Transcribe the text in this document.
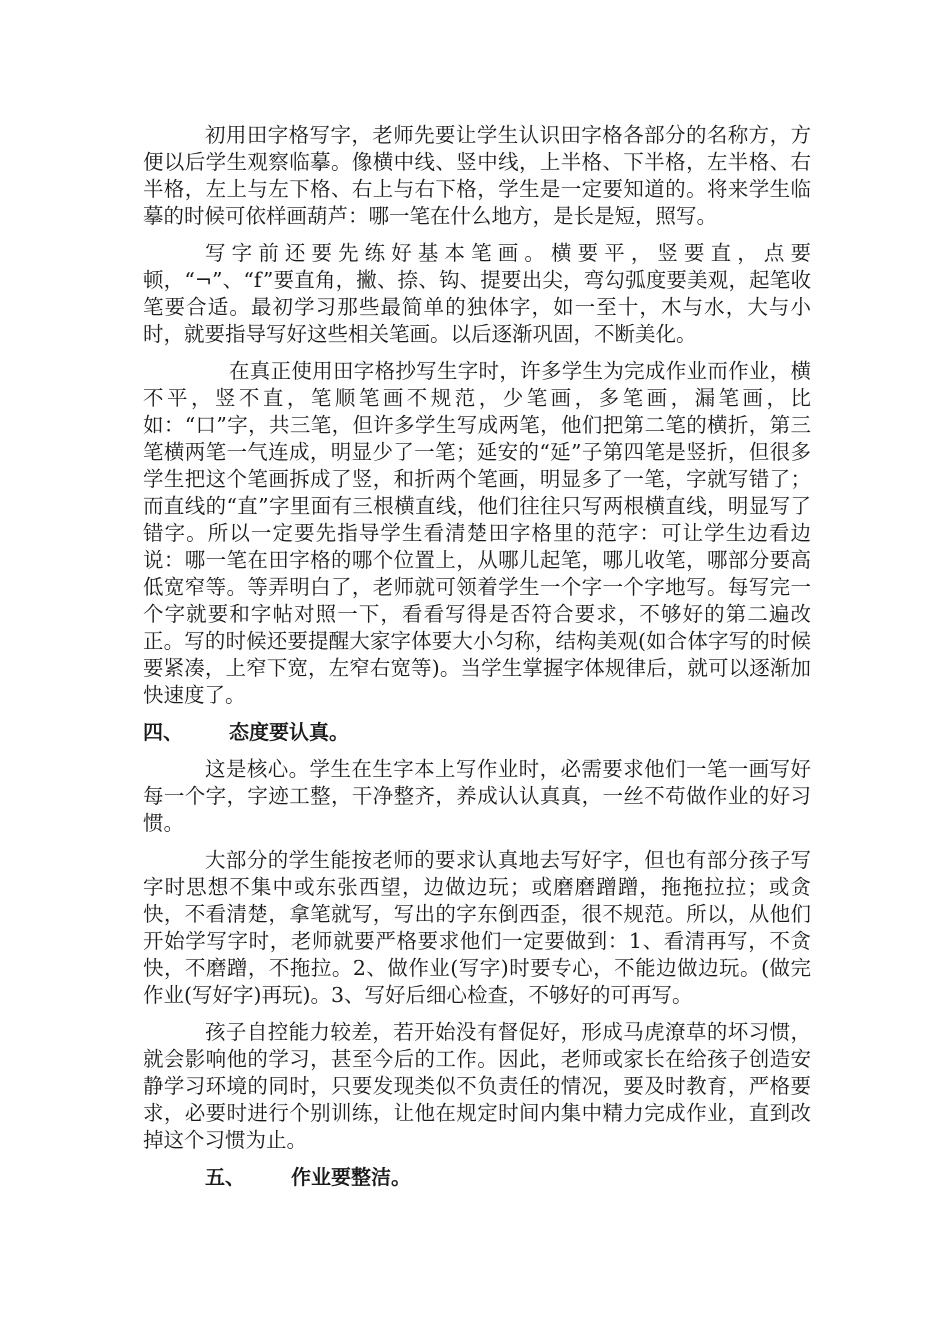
初用田字格写字，老师先要让学生认识田字格各部分的名称方，方便以后学生观察临摹。像横中线、竖中线，上半格、下半格，左半格、右半格，左上与左下格、右上与右下格，学生是一定要知道的。将来学生临摹的时候可依样画葫芦：哪一笔在什么地方，是长是短，照写。

写字前还要先练好基本笔画。横要平，竖要直，点要顿，“¬”、“f”要直角，撇、捺、钩、提要出尖，弯勾弧度要美观，起笔收笔要合适。最初学习那些最简单的独体字，如一至十，木与水，大与小时，就要指导写好这些相关笔画。以后逐渐巩固，不断美化。

在真正使用田字格抄写生字时，许多学生为完成作业而作业，横不平，竖不直，笔顺笔画不规范，少笔画，多笔画，漏笔画，比如：“口”字，共三笔，但许多学生写成两笔，他们把第二笔的横折，第三笔横两笔一气连成，明显少了一笔；延安的“延”子第四笔是竖折，但很多学生把这个笔画拆成了竖，和折两个笔画，明显多了一笔，字就写错了；而直线的“直”字里面有三根横直线，他们往往只写两根横直线，明显写了错字。所以一定要先指导学生看清楚田字格里的范字：可让学生边看边说：哪一笔在田字格的哪个位置上，从哪儿起笔，哪儿收笔，哪部分要高低宽窄等。等弄明白了，老师就可领着学生一个字一个字地写。每写完一个字就要和字帖对照一下，看看写得是否符合要求，不够好的第二遍改正。写的时候还要提醒大家字体要大小匀称，结构美观(如合体字写的时候要紧凑，上窄下宽，左窄右宽等)。当学生掌握字体规律后，就可以逐渐加快速度了。

四、 态度要认真。

这是核心。学生在生字本上写作业时，必需要求他们一笔一画写好每一个字，字迹工整，干净整齐，养成认认真真，一丝不苟做作业的好习惯。

大部分的学生能按老师的要求认真地去写好字，但也有部分孩子写字时思想不集中或东张西望，边做边玩；或磨磨蹭蹭，拖拖拉拉；或贪快，不看清楚，拿笔就写，写出的字东倒西歪，很不规范。所以，从他们开始学写字时，老师就要严格要求他们一定要做到：1、看清再写，不贪快，不磨蹭，不拖拉。2、做作业(写字)时要专心，不能边做边玩。(做完作业(写好字)再玩)。3、写好后细心检查，不够好的可再写。

孩子自控能力较差，若开始没有督促好，形成马虎潦草的坏习惯，就会影响他的学习，甚至今后的工作。因此，老师或家长在给孩子创造安静学习环境的同时，只要发现类似不负责任的情况，要及时教育，严格要求，必要时进行个别训练，让他在规定时间内集中精力完成作业，直到改掉这个习惯为止。

五、 作业要整洁。
